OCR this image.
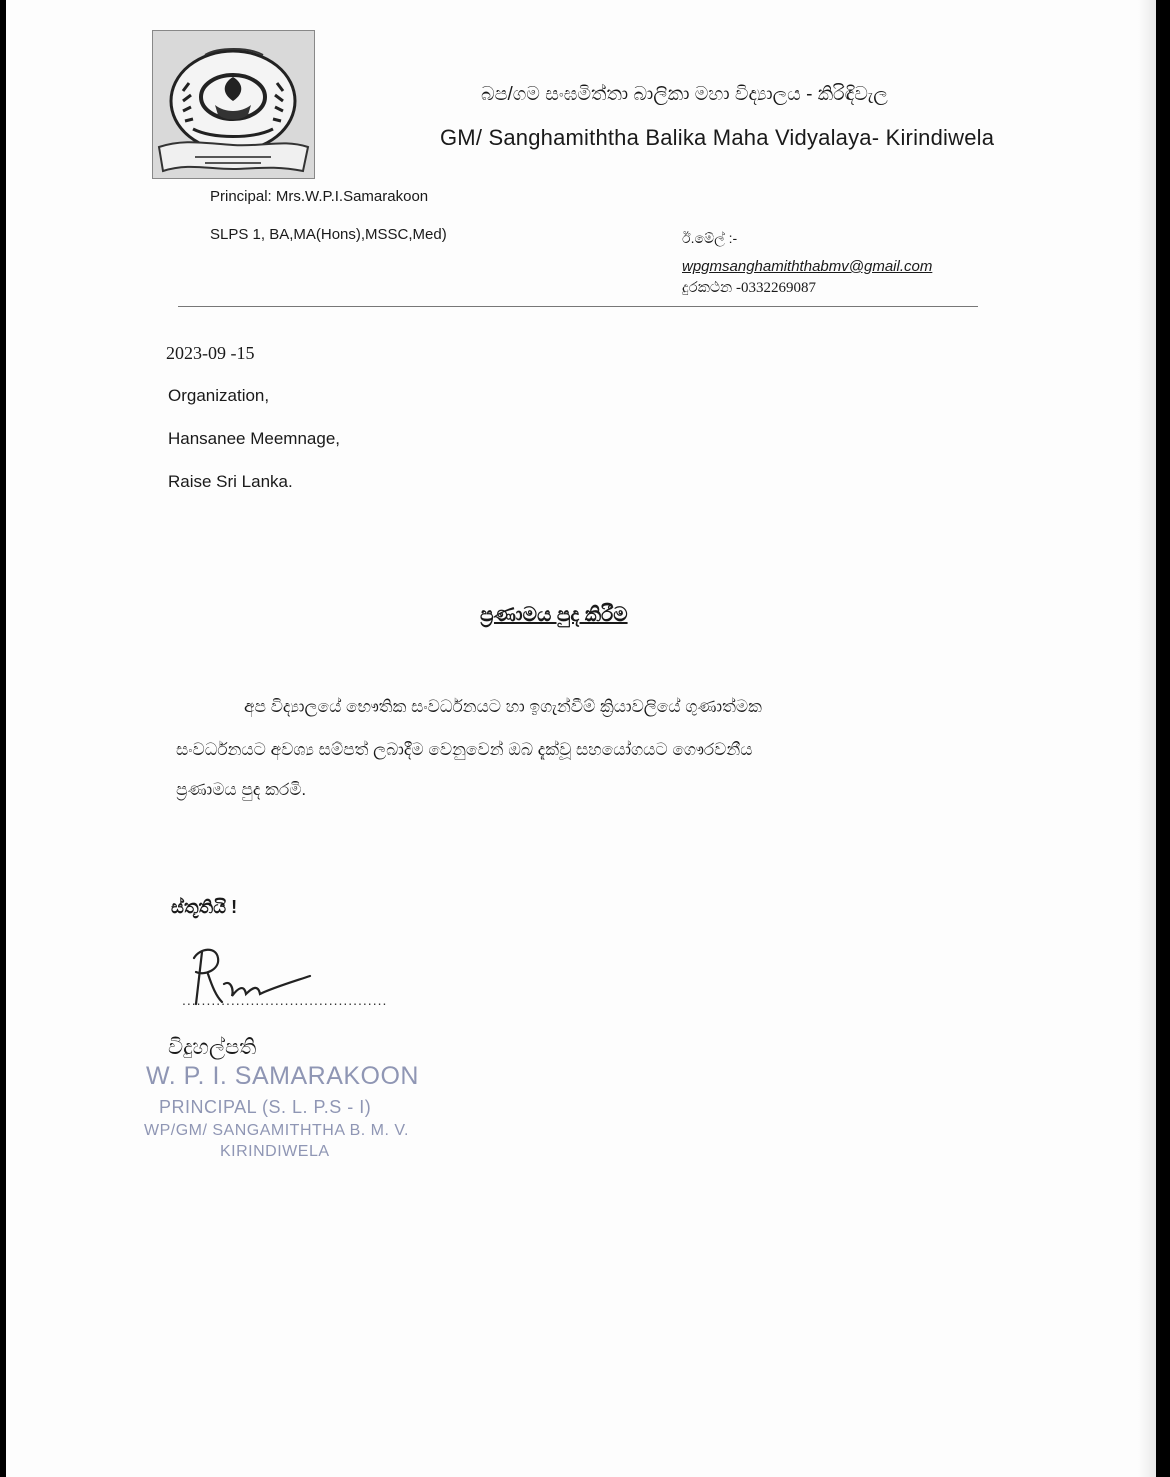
බප/ගම සංඝමිත්තා බාලිකා මහා විද්‍යාලය - කිරිඳිවැල
GM/ Sanghamiththa Balika Maha Vidyalaya- Kirindiwela
Principal: Mrs.W.P.I.Samarakoon
SLPS 1, BA,MA(Hons),MSSC,Med)	ඊ.මේල් :-
wpgmsanghamiththabmv@gmail.com
දුරකථන -0332269087
2023-09 -15
Organization,
Hansanee Meemnage,
Raise Sri Lanka.
ප්‍රණාමය පුද කිරීම
අප විද්‍යාලයේ භෞතික සංවර්ධනයට හා ඉගැන්වීම් ක්‍රියාවලියේ ගුණාත්මක
සංවර්ධනයට අවශ්‍ය සම්පත් ලබාදීම වෙනුවෙන් ඔබ දැක්වූ සහයෝගයට ගෞරවනීය
ප්‍රණාමය පුද කරමි.
ස්තූතියි !
..........................................
විදුහල්පති
W. P. I. SAMARAKOON
PRINCIPAL (S. L. P.S - I)
WP/GM/ SANGAMITHTHA B. M. V.
KIRINDIWELA
